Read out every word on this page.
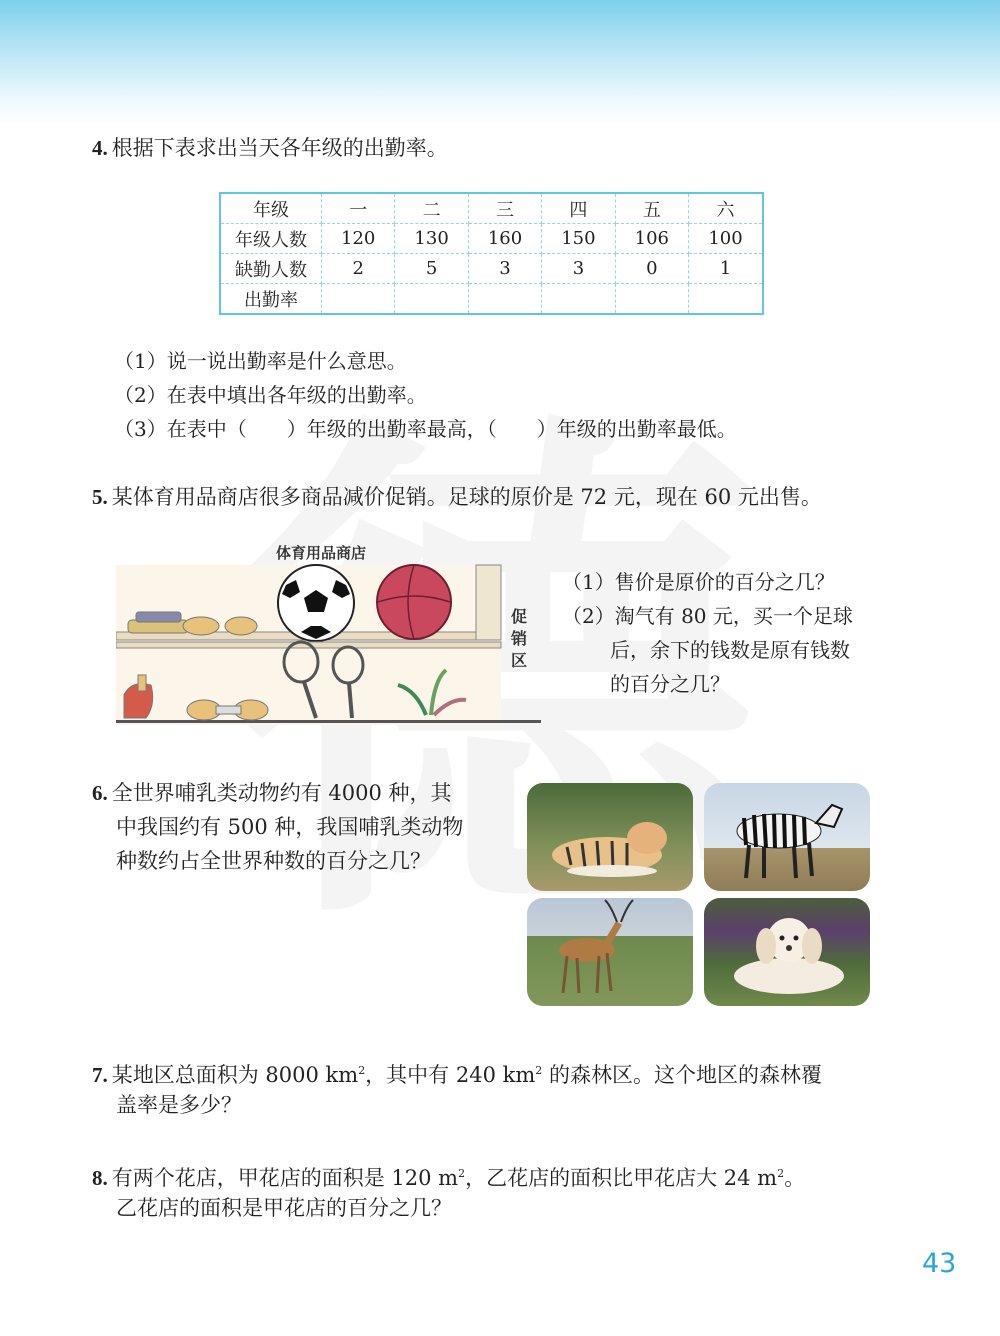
4. 根据下表求出当天各年级的出勤率。
年级	一	二	三	四	五	六
年级人数	120	130	160	150	106	100
缺勤人数	2	5	3	3	0	1
出勤率						
（1）说一说出勤率是什么意思。
（2）在表中填出各年级的出勤率。
（3）在表中（　　）年级的出勤率最高，（　　）年级的出勤率最低。
5. 某体育用品商店很多商品减价促销。足球的原价是 72 元，现在 60 元出售。
体育用品商店
促销区
（1）售价是原价的百分之几？
（2）淘气有 80 元，买一个足球
后，余下的钱数是原有钱数
的百分之几？
6. 全世界哺乳类动物约有 4000 种，其
中我国约有 500 种，我国哺乳类动物
种数约占全世界种数的百分之几？
7. 某地区总面积为 8000 $km^2$，其中有 240 $km^2$ 的森林区。这个地区的森林覆
盖率是多少？
8. 有两个花店，甲花店的面积是 120 $m^2$，乙花店的面积比甲花店大 24 $m^2$。
乙花店的面积是甲花店的百分之几？
43
